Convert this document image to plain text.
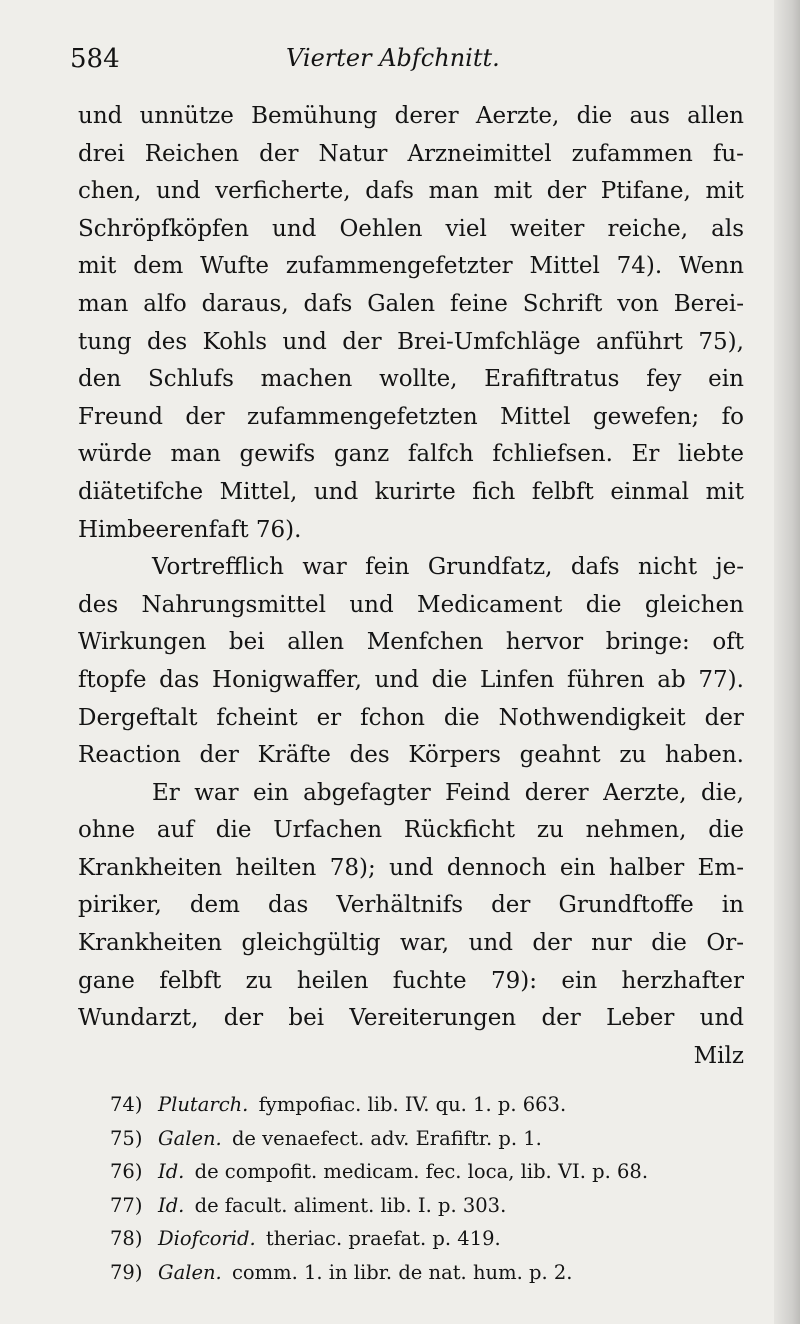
584	Vierter Abfchnitt.
und unnütze Bemühung derer Aerzte, die aus allen
drei Reichen der Natur Arzneimittel zufammen fu-
chen, und verficherte, dafs man mit der Ptifane, mit
Schröpfköpfen und Oehlen viel weiter reiche, als
mit dem Wufte zufammengefetzter Mittel 74). Wenn
man alfo daraus, dafs Galen feine Schrift von Berei-
tung des Kohls und der Brei-Umfchläge anführt 75),
den Schlufs machen wollte, Erafiftratus fey ein
Freund der zufammengefetzten Mittel gewefen; fo
würde man gewifs ganz falfch fchliefsen. Er liebte
diätetifche Mittel, und kurirte fich felbft einmal mit
Himbeerenfaft 76).
Vortrefflich war fein Grundfatz, dafs nicht je-
des Nahrungsmittel und Medicament die gleichen
Wirkungen bei allen Menfchen hervor bringe: oft
ftopfe das Honigwaffer, und die Linfen führen ab 77).
Dergeftalt fcheint er fchon die Nothwendigkeit der
Reaction der Kräfte des Körpers geahnt zu haben.
Er war ein abgefagter Feind derer Aerzte, die,
ohne auf die Urfachen Rückficht zu nehmen, die
Krankheiten heilten 78); und dennoch ein halber Em-
piriker, dem das Verhältnifs der Grundftoffe in
Krankheiten gleichgültig war, und der nur die Or-
gane felbft zu heilen fuchte 79): ein herzhafter
Wundarzt, der bei Vereiterungen der Leber und
Milz
74) Plutarch. fympofiac. lib. IV. qu. 1. p. 663.
75) Galen. de venaefect. adv. Erafiftr. p. 1.
76) Id. de compofit. medicam. fec. loca, lib. VI. p. 68.
77) Id. de facult. aliment. lib. I. p. 303.
78) Diofcorid. theriac. praefat. p. 419.
79) Galen. comm. 1. in libr. de nat. hum. p. 2.
